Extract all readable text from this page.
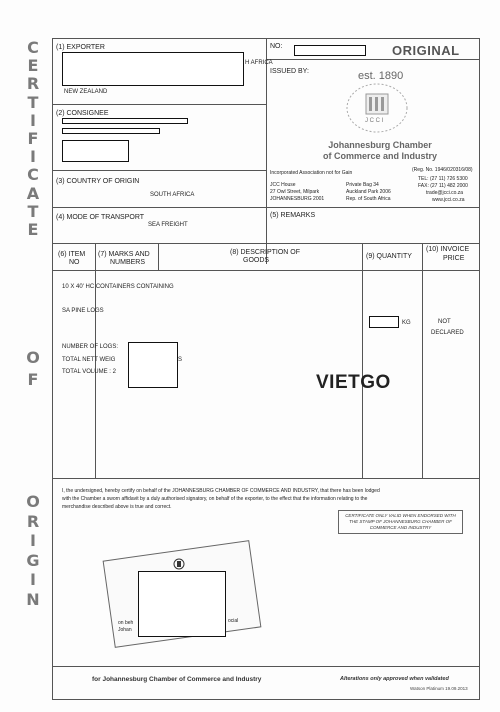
C
E
R
T
I
F
I
C
A
T
E
O
F
O
R
I
G
I
N
(1) EXPORTER
H AFRICA
NEW ZEALAND
(2) CONSIGNEE
(3) COUNTRY OF ORIGIN
SOUTH AFRICA
(4) MODE OF TRANSPORT
SEA FREIGHT
NO:	ORIGINAL
ISSUED BY:	est. 1890
J C C I
Johannesburg Chamber
of Commerce and Industry
Incorporated Association not for Gain	(Reg. No. 1946/020316/08)
JCC House
27 Owl Street, Milpark
JOHANNESBURG 2001
Private Bag 34
Auckland Park 2006
Rep. of South Africa
TEL: (27 11) 726 5300
FAX: (27 11) 482 2000
trade@jcci.co.za
www.jcci.co.za
(5) REMARKS
(6) ITEM
NO
(7) MARKS AND
NUMBERS
(8) DESCRIPTION OF
GOODS
(9) QUANTITY
(10) INVOICE
PRICE
10 X 40' HC CONTAINERS CONTAINING
SA PINE LOGS
NUMBER OF LOGS:
TOTAL NETT WEIG	S
TOTAL VOLUME : 2
KG	NOT
DECLARED
VIETGO
I, the undersigned, hereby certify on behalf of the JOHANNESBURG CHAMBER OF COMMERCE AND INDUSTRY, that there has been lodged
with the Chamber a sworn affidavit by a duly authorised signatory, on behalf of the exporter, to the effect that the information relating to the
merchandise described above is true and correct.
CERTIFICATE ONLY VALID WHEN ENDORSED WITH THE STAMP OF JOHANNESBURG CHAMBER OF COMMERCE AND INDUSTRY
on beh
Johan
ocial
for Johannesburg Chamber of Commerce and Industry	Alterations only approved when validated
Watson Platinum 19.09.2013
